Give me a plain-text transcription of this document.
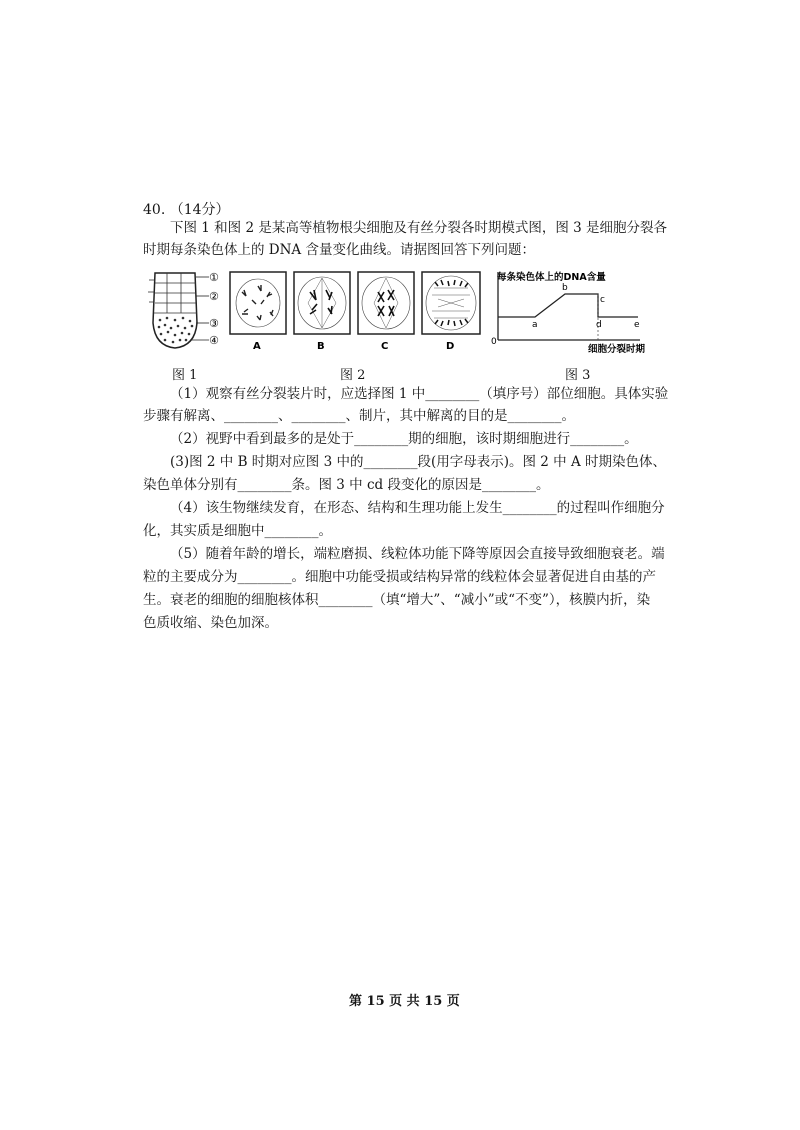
40. （14分）
下图 1 和图 2 是某高等植物根尖细胞及有丝分裂各时期模式图，图 3 是细胞分裂各
时期每条染色体上的 DNA 含量变化曲线。请据图回答下列问题：
①
②
③
④	A	B	C	D
每条染色体上的DNA含量
0
细胞分裂时期
a
b
c
d	e
图 1	图 2	图 3
（1）观察有丝分裂装片时，应选择图 1 中________（填序号）部位细胞。具体实验
步骤有解离、________、________、制片，其中解离的目的是________。
（2）视野中看到最多的是处于________期的细胞，该时期细胞进行________。
(3)图 2 中 B 时期对应图 3 中的________段(用字母表示)。图 2 中 A 时期染色体、
染色单体分别有________条。图 3 中 cd 段变化的原因是________。
（4）该生物继续发育，在形态、结构和生理功能上发生________的过程叫作细胞分
化，其实质是细胞中________。
（5）随着年龄的增长，端粒磨损、线粒体功能下降等原因会直接导致细胞衰老。端
粒的主要成分为________。细胞中功能受损或结构异常的线粒体会显著促进自由基的产
生。衰老的细胞的细胞核体积________（填“增大”、“减小”或“不变”），核膜内折，染
色质收缩、染色加深。
第 15 页 共 15 页
